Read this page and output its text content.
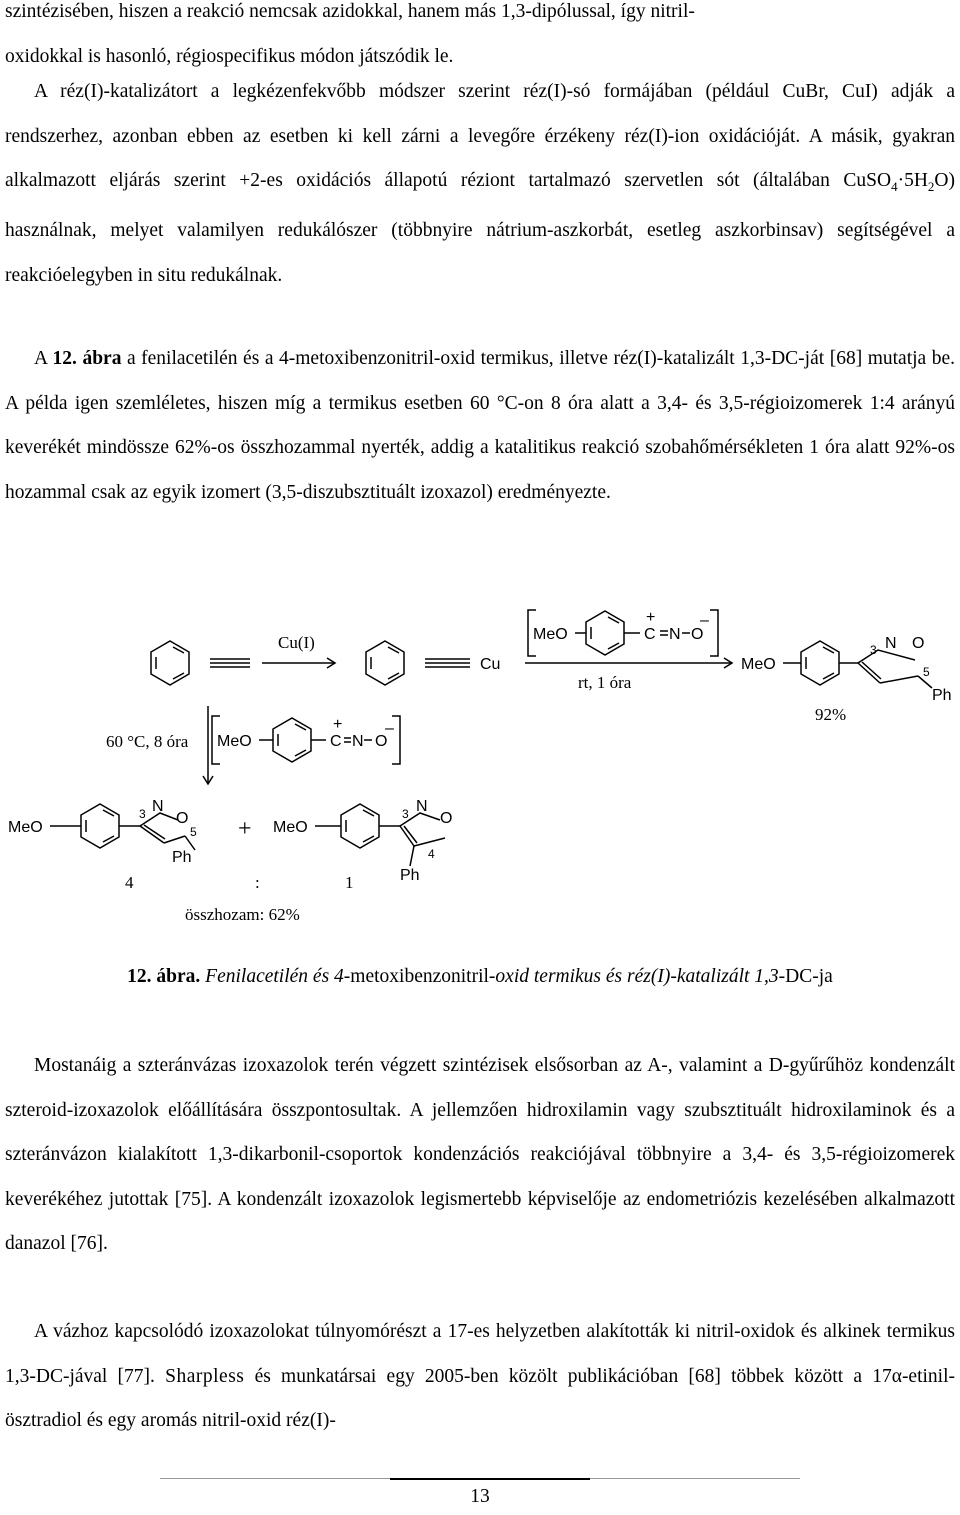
szintézisében, hiszen a reakció nemcsak azidokkal, hanem más 1,3-dipólussal, így nitril-
oxidokkal is hasonló, régiospecifikus módon játszódik le.

A réz(I)-katalizátort a legkézenfekvőbb módszer szerint réz(I)-só formájában (például CuBr, CuI) adják a rendszerhez, azonban ebben az esetben ki kell zárni a levegőre érzékeny réz(I)-ion oxidációját. A másik, gyakran alkalmazott eljárás szerint +2-es oxidációs állapotú réziont tartalmazó szervetlen sót (általában $CuSO_4\cdot 5H_2O$) használnak, melyet valamilyen redukálószer (többnyire nátrium-aszkorbát, esetleg aszkorbinsav) segítségével a reakcióelegyben in situ redukálnak.

A 12. ábra a fenilacetilén és a 4-metoxibenzonitril-oxid termikus, illetve réz(I)-katalizált 1,3-DC-ját [68] mutatja be. A példa igen szemléletes, hiszen míg a termikus esetben 60 °C-on 8 óra alatt a 3,4- és 3,5-régioizomerek 1:4 arányú keverékét mindössze 62%-os összhozammal nyerték, addig a katalitikus reakció szobahőmérsékleten 1 óra alatt 92%-os hozammal csak az egyik izomert (3,5-diszubsztituált izoxazol) eredményezte.

Cu(I)
Cu
MeO	C
+
N O
–
rt, 1 óra
MeO
3 N O
5
Ph
92%
60 °C, 8 óra MeO	C
+
N O
–
MeO
3 N
O
5
Ph
+ MeO
3 N
O
4
Ph
4	:	1
összhozam: 62%

12. ábra. Fenilacetilén és 4-metoxibenzonitril-oxid termikus és réz(I)-katalizált 1,3-DC-ja

Mostanáig a szteránvázas izoxazolok terén végzett szintézisek elsősorban az A-, valamint a D-gyűrűhöz kondenzált szteroid-izoxazolok előállítására összpontosultak. A jellemzően hidroxilamin vagy szubsztituált hidroxilaminok és a szteránvázon kialakított 1,3-dikarbonil-csoportok kondenzációs reakciójával többnyire a 3,4- és 3,5-régioizomerek keverékéhez jutottak [75]. A kondenzált izoxazolok legismertebb képviselője az endometriózis kezelésében alkalmazott danazol [76].

A vázhoz kapcsolódó izoxazolokat túlnyomórészt a 17-es helyzetben alakították ki nitril-oxidok és alkinek termikus 1,3-DC-jával [77]. Sharpless és munkatársai egy 2005-ben közölt publikációban [68] többek között a 17α-etinil-ösztradiol és egy aromás nitril-oxid réz(I)-

13
